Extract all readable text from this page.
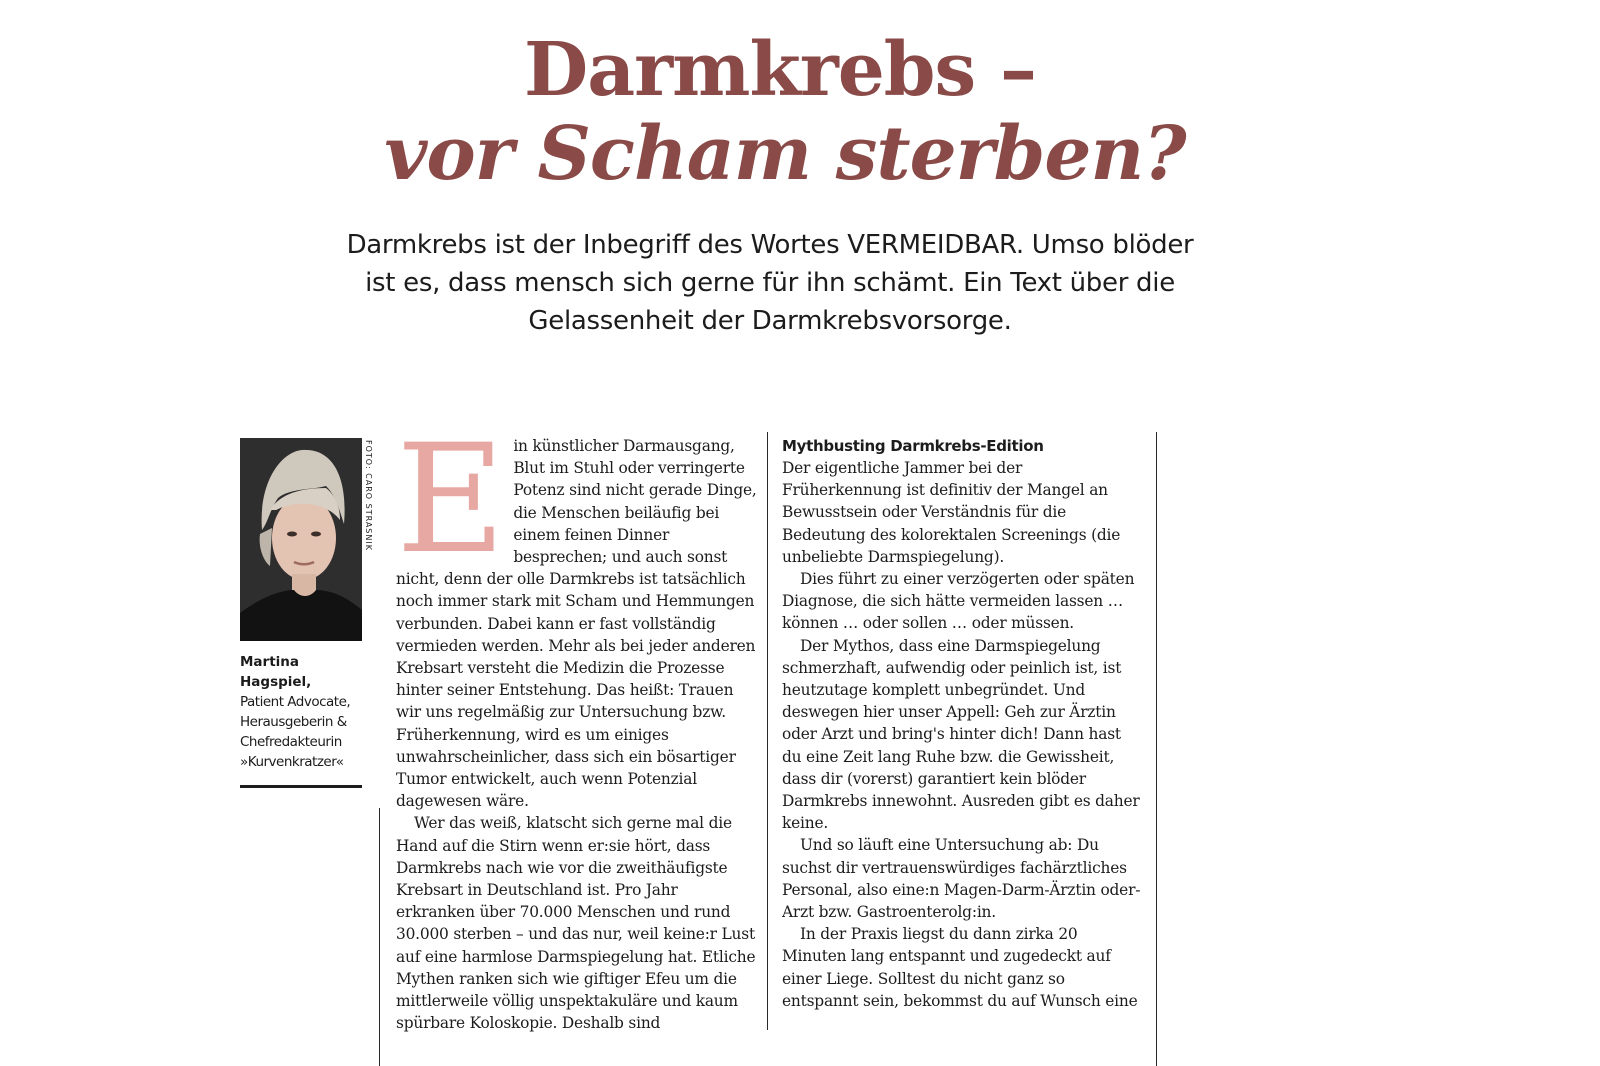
Darmkrebs –
vor Scham sterben?
Darmkrebs ist der Inbegriff des Wortes VERMEIDBAR. Umso blöder ist es, dass mensch sich gerne für ihn schämt. Ein Text über die Gelassenheit der Darmkrebsvorsorge.
FOTO: CARO STRASNIK
Martina Hagspiel,
Patient Advocate, Herausgeberin & Chefredakteurin »Kurvenkratzer«
E in künstlicher Darmausgang, Blut im Stuhl oder verringerte Potenz sind nicht gerade Dinge, die Menschen beiläufig bei einem feinen Dinner besprechen; und auch sonst nicht, denn der olle Darmkrebs ist tatsächlich noch immer stark mit Scham und Hemmungen verbunden. Dabei kann er fast vollständig vermieden werden. Mehr als bei jeder anderen Krebsart versteht die Medizin die Prozesse hinter seiner Entstehung. Das heißt: Trauen wir uns regelmäßig zur Untersuchung bzw. Früherkennung, wird es um einiges unwahrscheinlicher, dass sich ein bösartiger Tumor entwickelt, auch wenn Potenzial dagewesen wäre.

Wer das weiß, klatscht sich gerne mal die Hand auf die Stirn wenn er:sie hört, dass Darmkrebs nach wie vor die zweithäufigste Krebsart in Deutschland ist. Pro Jahr erkranken über 70.000 Menschen und rund 30.000 sterben – und das nur, weil keine:r Lust auf eine harmlose Darmspiegelung hat. Etliche Mythen ranken sich wie giftiger Efeu um die mittlerweile völlig unspektakuläre und kaum spürbare Koloskopie. Deshalb sind

Mythbusting Darmkrebs-Edition

Der eigentliche Jammer bei der Früherkennung ist definitiv der Mangel an Bewusstsein oder Verständnis für die Bedeutung des kolorektalen Screenings (die unbeliebte Darmspiegelung).

Dies führt zu einer verzögerten oder späten Diagnose, die sich hätte vermeiden lassen … können … oder sollen … oder müssen.

Der Mythos, dass eine Darmspiegelung schmerzhaft, aufwendig oder peinlich ist, ist heutzutage komplett unbegründet. Und deswegen hier unser Appell: Geh zur Ärztin oder Arzt und bring's hinter dich! Dann hast du eine Zeit lang Ruhe bzw. die Gewissheit, dass dir (vorerst) garantiert kein blöder Darmkrebs innewohnt. Ausreden gibt es daher keine.

Und so läuft eine Untersuchung ab: Du suchst dir vertrauenswürdiges fachärztliches Personal, also eine:n Magen-Darm-Ärztin oder- Arzt bzw. Gastroenterolg:in.

In der Praxis liegst du dann zirka 20 Minuten lang entspannt und zugedeckt auf einer Liege. Solltest du nicht ganz so entspannt sein, bekommst du auf Wunsch eine
